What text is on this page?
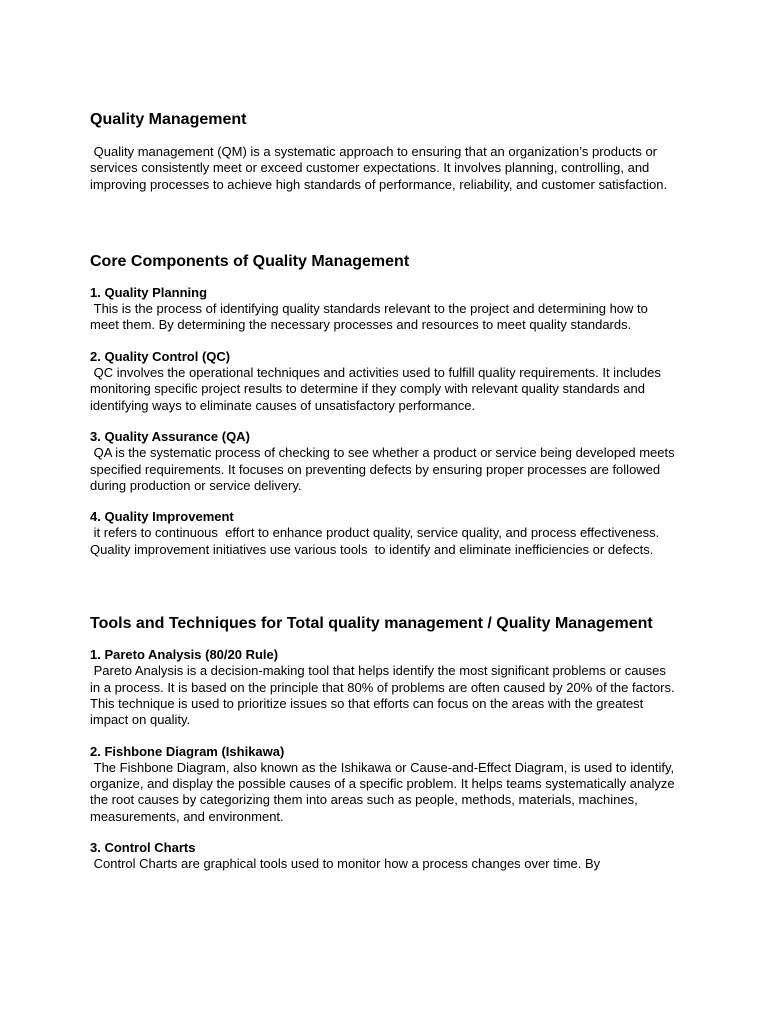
Quality Management

Quality management (QM) is a systematic approach to ensuring that an organization’s products or services consistently meet or exceed customer expectations. It involves planning, controlling, and improving processes to achieve high standards of performance, reliability, and customer satisfaction.

Core Components of Quality Management
1. Quality Planning

This is the process of identifying quality standards relevant to the project and determining how to meet them. By determining the necessary processes and resources to meet quality standards.

2. Quality Control (QC)

QC involves the operational techniques and activities used to fulfill quality requirements. It includes monitoring specific project results to determine if they comply with relevant quality standards and identifying ways to eliminate causes of unsatisfactory performance.

3. Quality Assurance (QA)

QA is the systematic process of checking to see whether a product or service being developed meets specified requirements. It focuses on preventing defects by ensuring proper processes are followed during production or service delivery.

4. Quality Improvement

it refers to continuous  effort to enhance product quality, service quality, and process effectiveness. Quality improvement initiatives use various tools  to identify and eliminate inefficiencies or defects.

Tools and Techniques for Total quality management / Quality Management
1. Pareto Analysis (80/20 Rule)

Pareto Analysis is a decision-making tool that helps identify the most significant problems or causes in a process. It is based on the principle that 80% of problems are often caused by 20% of the factors. This technique is used to prioritize issues so that efforts can focus on the areas with the greatest impact on quality.

2. Fishbone Diagram (Ishikawa)

The Fishbone Diagram, also known as the Ishikawa or Cause-and-Effect Diagram, is used to identify, organize, and display the possible causes of a specific problem. It helps teams systematically analyze the root causes by categorizing them into areas such as people, methods, materials, machines, measurements, and environment.

3. Control Charts

Control Charts are graphical tools used to monitor how a process changes over time. By
